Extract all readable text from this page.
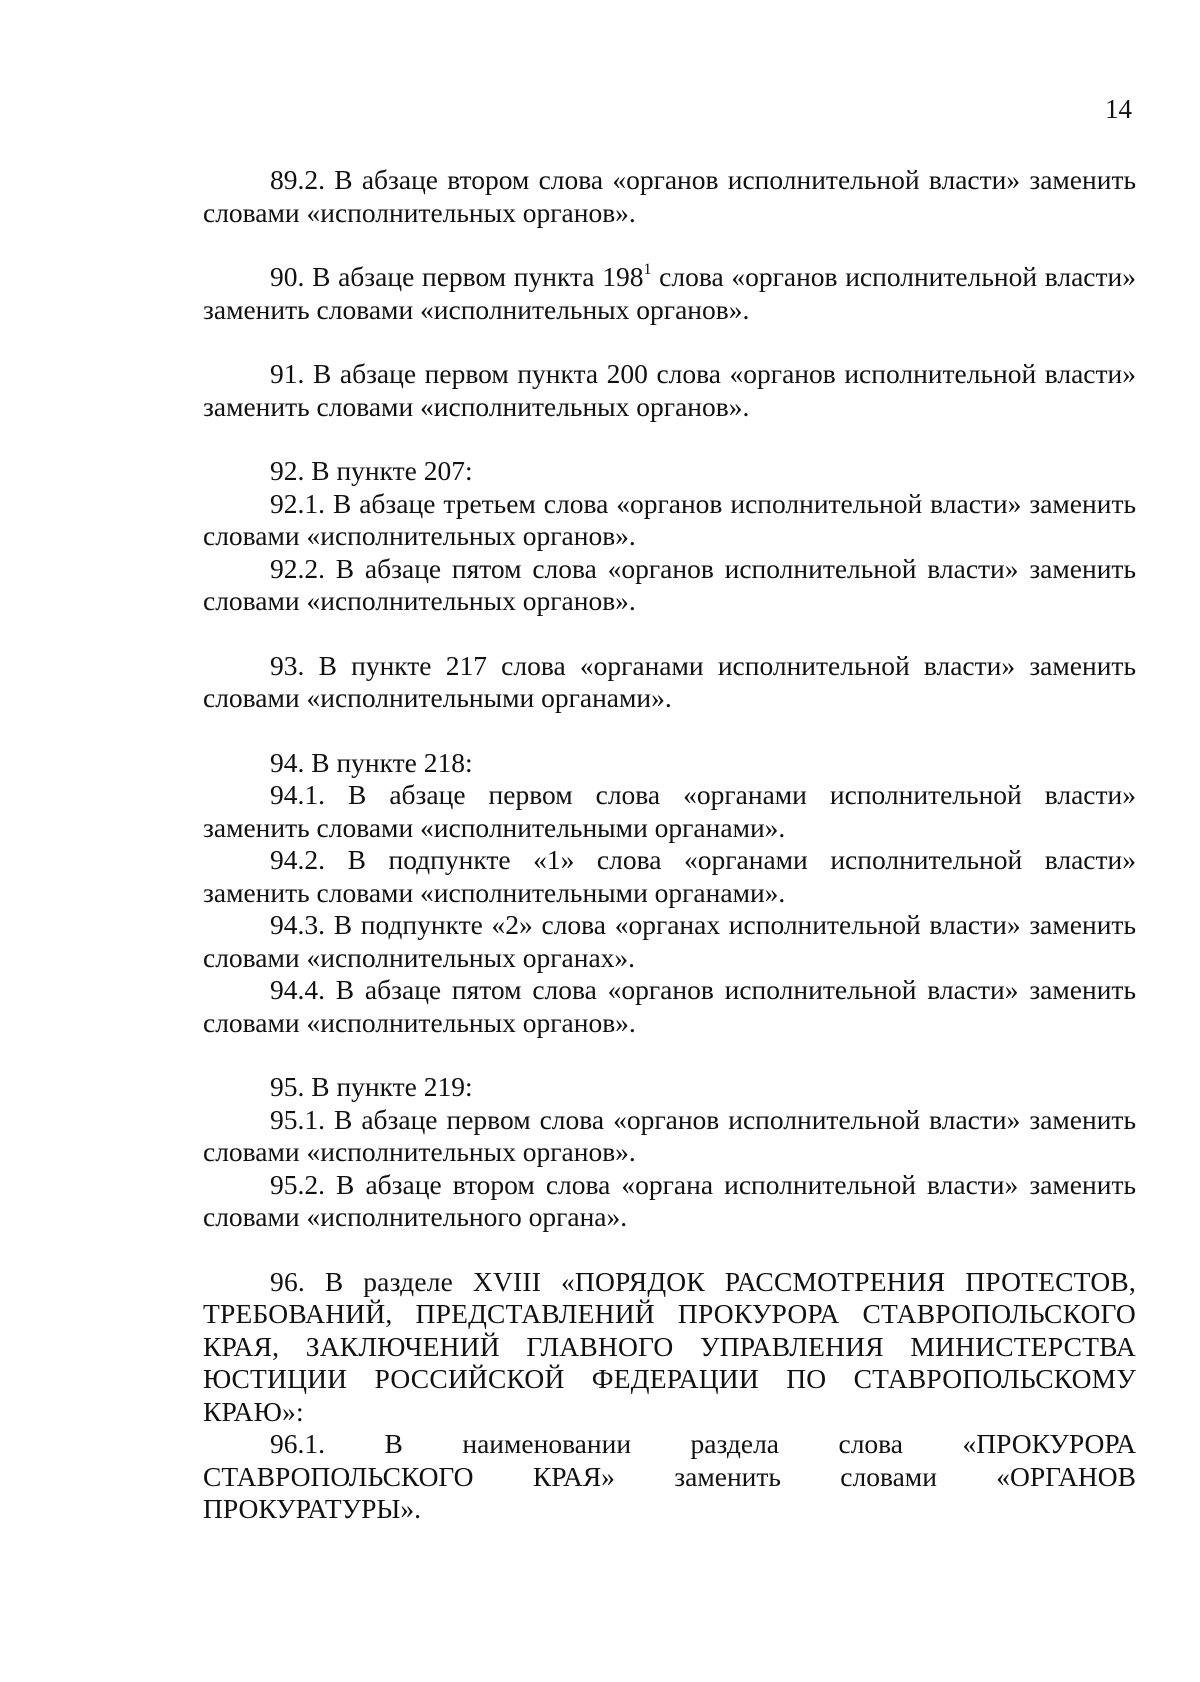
14

89.2. В абзаце втором слова «органов исполнительной власти» заменить словами «исполнительных органов».

90. В абзаце первом пункта $198^1$ слова «органов исполнительной власти» заменить словами «исполнительных органов».

91. В абзаце первом пункта 200 слова «органов исполнительной власти» заменить словами «исполнительных органов».

92. В пункте 207:

92.1. В абзаце третьем слова «органов исполнительной власти» заменить словами «исполнительных органов».

92.2. В абзаце пятом слова «органов исполнительной власти» заменить словами «исполнительных органов».

93. В пункте 217 слова «органами исполнительной власти» заменить словами «исполнительными органами».

94. В пункте 218:

94.1. В абзаце первом слова «органами исполнительной власти» заменить словами «исполнительными органами».

94.2. В подпункте «1» слова «органами исполнительной власти» заменить словами «исполнительными органами».

94.3. В подпункте «2» слова «органах исполнительной власти» заменить словами «исполнительных органах».

94.4. В абзаце пятом слова «органов исполнительной власти» заменить словами «исполнительных органов».

95. В пункте 219:

95.1. В абзаце первом слова «органов исполнительной власти» заменить словами «исполнительных органов».

95.2. В абзаце втором слова «органа исполнительной власти» заменить словами «исполнительного органа».

96. В разделе XVIII «ПОРЯДОК РАССМОТРЕНИЯ ПРОТЕСТОВ, ТРЕБОВАНИЙ, ПРЕДСТАВЛЕНИЙ ПРОКУРОРА СТАВРОПОЛЬСКОГО КРАЯ, ЗАКЛЮЧЕНИЙ ГЛАВНОГО УПРАВЛЕНИЯ МИНИСТЕРСТВА ЮСТИЦИИ РОССИЙСКОЙ ФЕДЕРАЦИИ ПО СТАВРОПОЛЬСКОМУ КРАЮ»:

96.1. В наименовании раздела слова «ПРОКУРОРА СТАВРОПОЛЬСКОГО КРАЯ» заменить словами «ОРГАНОВ ПРОКУРАТУРЫ».
